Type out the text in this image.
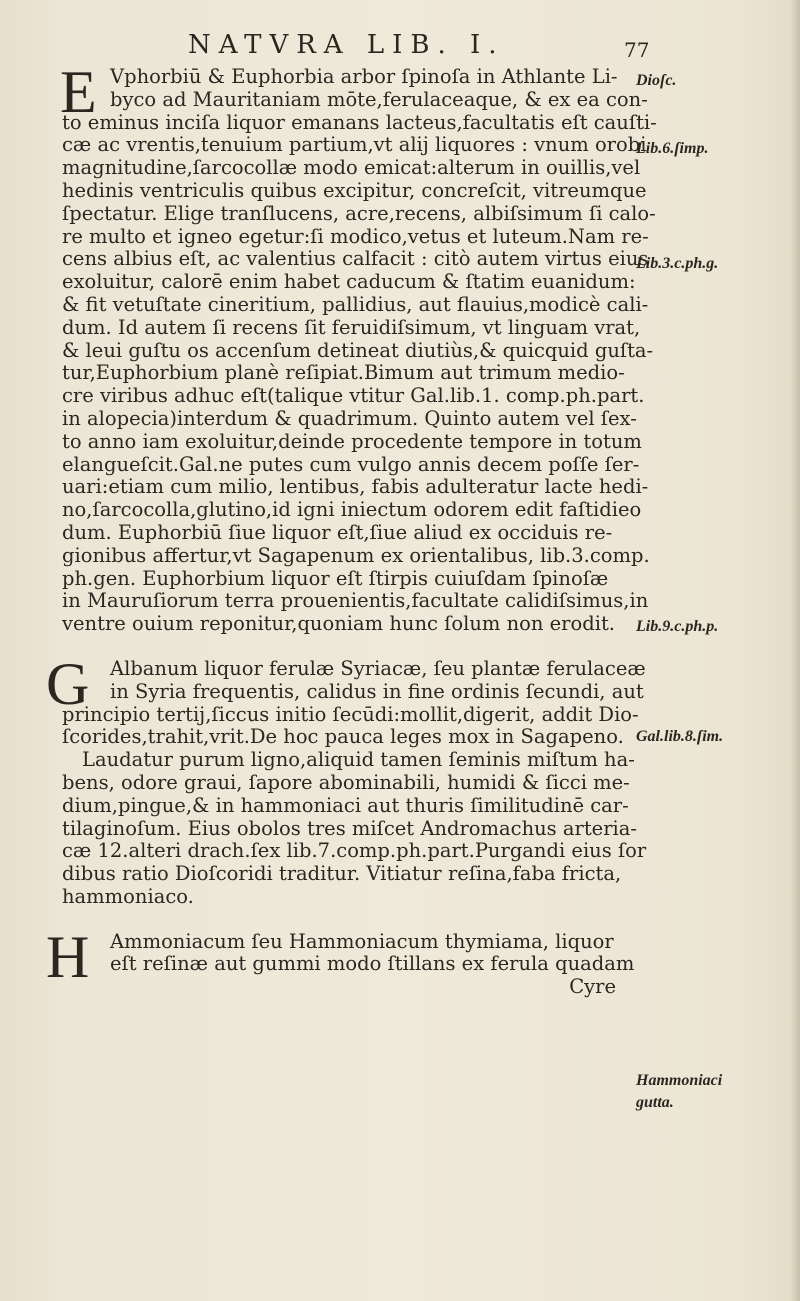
NATVRA LIB. I.	77
E Vphorbiū & Euphorbia arbor ſpinoſa in Athlante Li-
byco ad Mauritaniam mōte,ferulaceaque, & ex ea con-
to eminus inciſa liquor emanans lacteus,facultatis eſt cauſti-
cæ ac vrentis,tenuium partium,vt alij liquores : vnum orobi
magnitudine,ſarcocollæ modo emicat:alterum in ouillis,vel
hedinis ventriculis quibus excipitur, concreſcit, vitreumque
ſpectatur. Elige tranſlucens, acre,recens, albiſsimum ſi calo-
re multo et igneo egetur:ſi modico,vetus et luteum.Nam re-
cens albius eſt, ac valentius calfacit : citò autem virtus eius
exoluitur, calorē enim habet caducum & ſtatim euanidum:
& fit vetuſtate cineritium, pallidius, aut flauius,modicè cali-
dum. Id autem ſi recens ſit feruidiſsimum, vt linguam vrat,
& leui guſtu os accenſum detineat diutiùs,& quicquid guſta-
tur,Euphorbium planè reſipiat.Bimum aut trimum medio-
cre viribus adhuc eſt(talique vtitur Gal.lib.1. comp.ph.part.
in alopecia)interdum & quadrimum. Quinto autem vel ſex-
to anno iam exoluitur,deinde procedente tempore in totum
elangueſcit.Gal.ne putes cum vulgo annis decem poſſe ſer-
uari:etiam cum milio, lentibus, fabis adulteratur lacte hedi-
no,ſarcocolla,glutino,id igni iniectum odorem edit faſtidieo
dum. Euphorbiū ſiue liquor eſt,ſiue aliud ex occiduis re-
gionibus affertur,vt Sagapenum ex orientalibus, lib.3.comp.
ph.gen. Euphorbium liquor eſt ſtirpis cuiuſdam ſpinoſæ
in Mauruſiorum terra prouenientis,facultate calidiſsimus,in
ventre ouium reponitur,quoniam hunc ſolum non erodit.
G	Albanum liquor ferulæ Syriacæ, ſeu plantæ ferulaceæ
in Syria frequentis, calidus in fine ordinis ſecundi, aut
principio tertij,ſiccus initio ſecūdi:mollit,digerit, addit Dio-
ſcorides,trahit,vrit.De hoc pauca leges mox in Sagapeno.
Laudatur purum ligno,aliquid tamen ſeminis miſtum ha-
bens, odore graui, ſapore abominabili, humidi & ſicci me-
dium,pingue,& in hammoniaci aut thuris ſimilitudinē car-
tilaginoſum. Eius obolos tres miſcet Andromachus arteria-
cæ 12.alteri drach.ſex lib.7.comp.ph.part.Purgandi eius ſor
dibus ratio Dioſcoridi traditur. Vitiatur reſina,faba fricta,
hammoniaco.
H	Ammoniacum ſeu Hammoniacum thymiama, liquor
eſt reſinæ aut gummi modo ſtillans ex ferula quadam
Cyre
Dioſc.
Lib.6.ſimp.
Lib.3.c.ph.g.
Lib.9.c.ph.p.
Gal.lib.8.ſim.
Hammoniaci
gutta.
